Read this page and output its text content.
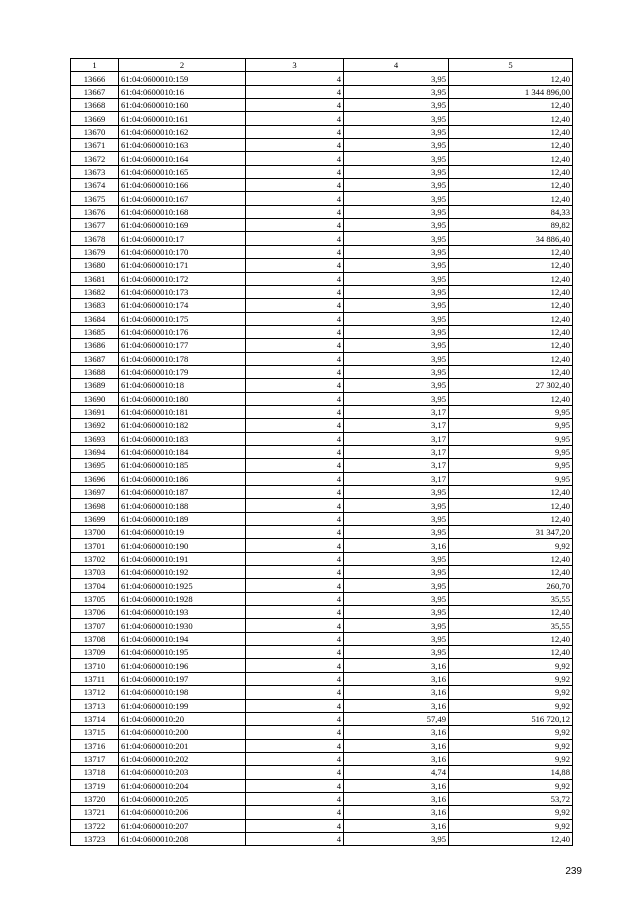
1	2	3	4	5
13666	61:04:0600010:159	4	3,95	12,40
13667	61:04:0600010:16	4	3,95	1 344 896,00
13668	61:04:0600010:160	4	3,95	12,40
13669	61:04:0600010:161	4	3,95	12,40
13670	61:04:0600010:162	4	3,95	12,40
13671	61:04:0600010:163	4	3,95	12,40
13672	61:04:0600010:164	4	3,95	12,40
13673	61:04:0600010:165	4	3,95	12,40
13674	61:04:0600010:166	4	3,95	12,40
13675	61:04:0600010:167	4	3,95	12,40
13676	61:04:0600010:168	4	3,95	84,33
13677	61:04:0600010:169	4	3,95	89,82
13678	61:04:0600010:17	4	3,95	34 886,40
13679	61:04:0600010:170	4	3,95	12,40
13680	61:04:0600010:171	4	3,95	12,40
13681	61:04:0600010:172	4	3,95	12,40
13682	61:04:0600010:173	4	3,95	12,40
13683	61:04:0600010:174	4	3,95	12,40
13684	61:04:0600010:175	4	3,95	12,40
13685	61:04:0600010:176	4	3,95	12,40
13686	61:04:0600010:177	4	3,95	12,40
13687	61:04:0600010:178	4	3,95	12,40
13688	61:04:0600010:179	4	3,95	12,40
13689	61:04:0600010:18	4	3,95	27 302,40
13690	61:04:0600010:180	4	3,95	12,40
13691	61:04:0600010:181	4	3,17	9,95
13692	61:04:0600010:182	4	3,17	9,95
13693	61:04:0600010:183	4	3,17	9,95
13694	61:04:0600010:184	4	3,17	9,95
13695	61:04:0600010:185	4	3,17	9,95
13696	61:04:0600010:186	4	3,17	9,95
13697	61:04:0600010:187	4	3,95	12,40
13698	61:04:0600010:188	4	3,95	12,40
13699	61:04:0600010:189	4	3,95	12,40
13700	61:04:0600010:19	4	3,95	31 347,20
13701	61:04:0600010:190	4	3,16	9,92
13702	61:04:0600010:191	4	3,95	12,40
13703	61:04:0600010:192	4	3,95	12,40
13704	61:04:0600010:1925	4	3,95	260,70
13705	61:04:0600010:1928	4	3,95	35,55
13706	61:04:0600010:193	4	3,95	12,40
13707	61:04:0600010:1930	4	3,95	35,55
13708	61:04:0600010:194	4	3,95	12,40
13709	61:04:0600010:195	4	3,95	12,40
13710	61:04:0600010:196	4	3,16	9,92
13711	61:04:0600010:197	4	3,16	9,92
13712	61:04:0600010:198	4	3,16	9,92
13713	61:04:0600010:199	4	3,16	9,92
13714	61:04:0600010:20	4	57,49	516 720,12
13715	61:04:0600010:200	4	3,16	9,92
13716	61:04:0600010:201	4	3,16	9,92
13717	61:04:0600010:202	4	3,16	9,92
13718	61:04:0600010:203	4	4,74	14,88
13719	61:04:0600010:204	4	3,16	9,92
13720	61:04:0600010:205	4	3,16	53,72
13721	61:04:0600010:206	4	3,16	9,92
13722	61:04:0600010:207	4	3,16	9,92
13723	61:04:0600010:208	4	3,95	12,40
239
